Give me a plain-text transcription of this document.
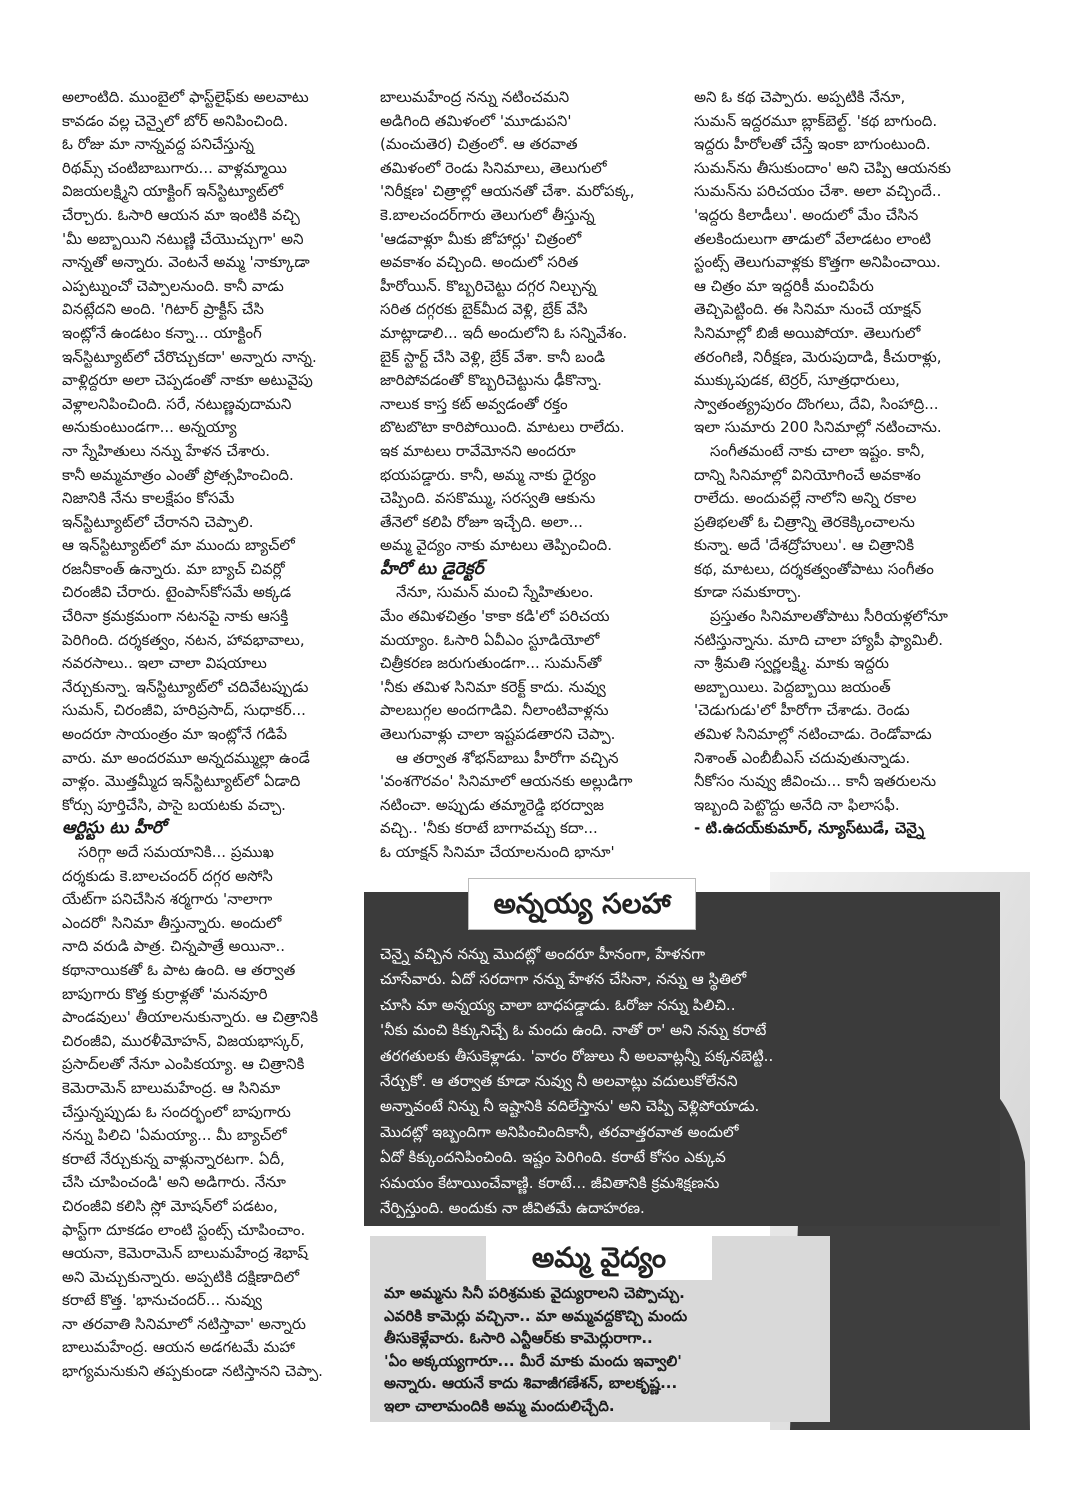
అలాంటిది. ముంబైలో ఫాస్ట్‌లైఫ్‌కు అలవాటు
కావడం వల్ల చెన్నైలో బోర్ అనిపించింది.
ఓ రోజు మా నాన్నవద్ద పనిచేస్తున్న
రిథమ్స్ చంటిబాబుగారు... వాళ్లమ్మాయి
విజయలక్ష్మిని యాక్టింగ్ ఇన్‌స్టిట్యూట్‌లో
చేర్చారు. ఓసారి ఆయన మా ఇంటికి వచ్చి
'మీ అబ్బాయిని నటుణ్ణి చేయొచ్చుగా' అని
నాన్నతో అన్నారు. వెంటనే అమ్మ 'నాక్కూడా
ఎప్పట్నుంచో చెప్పాలనుంది. కానీ వాడు
వినట్లేదని అంది. 'గిటార్ ప్రాక్టీస్ చేసి
ఇంట్లోనే ఉండటం కన్నా... యాక్టింగ్
ఇన్‌స్టిట్యూట్‌లో చేరొచ్చుకదా' అన్నారు నాన్న.
వాళ్లిద్దరూ అలా చెప్పడంతో నాకూ అటువైపు
వెళ్లాలనిపించింది. సరే, నటుణ్ణవుదామని
అనుకుంటుండగా... అన్నయ్యా
నా స్నేహితులు నన్ను హేళన చేశారు.
కానీ అమ్మమాత్రం ఎంతో ప్రోత్సహించింది.
నిజానికి నేను కాలక్షేపం కోసమే
ఇన్‌స్టిట్యూట్‌లో చేరానని చెప్పాలి.
ఆ ఇన్‌స్టిట్యూట్‌లో మా ముందు బ్యాచ్‌లో
రజనీకాంత్ ఉన్నారు. మా బ్యాచ్ చివర్లో
చిరంజీవి చేరారు. టైంపాస్‌కోసమే అక్కడ
చేరినా క్రమక్రమంగా నటనపై నాకు ఆసక్తి
పెరిగింది. దర్శకత్వం, నటన, హావభావాలు,
నవరసాలు.. ఇలా చాలా విషయాలు
నేర్చుకున్నా. ఇన్‌స్టిట్యూట్‌లో చదివేటప్పుడు
సుమన్, చిరంజీవి, హరిప్రసాద్, సుధాకర్...
అందరూ సాయంత్రం మా ఇంట్లోనే గడిపే
వారు. మా అందరమూ అన్నదమ్ముల్లా ఉండే
వాళ్లం. మొత్తమ్మీద ఇన్‌స్టిట్యూట్‌లో ఏడాది
కోర్సు పూర్తిచేసి, పాసై బయటకు వచ్చా.
ఆర్టిస్టు టు హీరో
సరిగ్గా అదే సమయానికి... ప్రముఖ
దర్శకుడు కె.బాలచందర్ దగ్గర అసోసి
యేట్‌గా పనిచేసిన శర్మగారు 'నాలాగా
ఎందరో' సినిమా తీస్తున్నారు. అందులో
నాది వరుడి పాత్ర. చిన్నపాత్రే అయినా..
కథానాయికతో ఓ పాట ఉంది. ఆ తర్వాత
బాపుగారు కొత్త కుర్రాళ్లతో 'మనవూరి
పాండవులు' తీయాలనుకున్నారు. ఆ చిత్రానికి
చిరంజీవి, మురళీమోహన్, విజయభాస్కర్,
ప్రసాద్‌లతో నేనూ ఎంపికయ్యా. ఆ చిత్రానికి
కెమెరామెన్ బాలుమహేంద్ర. ఆ సినిమా
చేస్తున్నప్పుడు ఓ సందర్భంలో బాపుగారు
నన్ను పిలిచి 'ఏమయ్యా... మీ బ్యాచ్‌లో
కరాటే నేర్చుకున్న వాళ్లున్నారటగా. ఏదీ,
చేసి చూపించండి' అని అడిగారు. నేనూ
చిరంజీవి కలిసి స్లో మోషన్‌లో పడటం,
ఫాస్ట్‌గా దూకడం లాంటి స్టంట్స్ చూపించాం.
ఆయనా, కెమెరామెన్ బాలుమహేంద్ర శెభాష్
అని మెచ్చుకున్నారు. అప్పటికి దక్షిణాదిలో
కరాటే కొత్త. 'భానుచందర్... నువ్వు
నా తరవాతి సినిమాలో నటిస్తావా' అన్నారు
బాలుమహేంద్ర. ఆయన అడగటమే మహా
భాగ్యమనుకుని తప్పకుండా నటిస్తానని చెప్పా.
బాలుమహేంద్ర నన్ను నటించమని
అడిగింది తమిళంలో 'మూడుపని'
(మంచుతెర) చిత్రంలో. ఆ తరవాత
తమిళంలో రెండు సినిమాలు, తెలుగులో
'నిరీక్షణ' చిత్రాల్లో ఆయనతో చేశా. మరోపక్క,
కె.బాలచందర్‌గారు తెలుగులో తీస్తున్న
'ఆడవాళ్లూ మీకు జోహార్లు' చిత్రంలో
అవకాశం వచ్చింది. అందులో సరిత
హీరోయిన్. కొబ్బరిచెట్టు దగ్గర నిల్చున్న
సరిత దగ్గరకు బైక్‌మీద వెళ్లి, బ్రేక్ వేసి
మాట్లాడాలి... ఇదీ అందులోని ఓ సన్నివేశం.
బైక్ స్టార్ట్ చేసి వెళ్లి, బ్రేక్ వేశా. కానీ బండి
జారిపోవడంతో కొబ్బరిచెట్టును ఢీకొన్నా.
నాలుక కాస్త కట్ అవ్వడంతో రక్తం
బొటబొటా కారిపోయింది. మాటలు రాలేదు.
ఇక మాటలు రావేమోనని అందరూ
భయపడ్డారు. కానీ, అమ్మ నాకు ధైర్యం
చెప్పింది. వసకొమ్ము, సరస్వతి ఆకును
తేనెలో కలిపి రోజూ ఇచ్చేది. అలా...
అమ్మ వైద్యం నాకు మాటలు తెప్పించింది.
హీరో టు డైరెక్టర్
నేనూ, సుమన్ మంచి స్నేహితులం.
మేం తమిళచిత్రం 'కాకా కడి'లో పరిచయ
మయ్యాం. ఓసారి ఏవీఎం స్టూడియోలో
చిత్రీకరణ జరుగుతుండగా... సుమన్‌తో
'నీకు తమిళ సినిమా కరెక్ట్ కాదు. నువ్వు
పాలబుగ్గల అందగాడివి. నీలాంటివాళ్లను
తెలుగువాళ్లు చాలా ఇష్టపడతారని చెప్పా.
ఆ తర్వాత శోభన్‌బాబు హీరోగా వచ్చిన
'వంశగౌరవం' సినిమాలో ఆయనకు అల్లుడిగా
నటించా. అప్పుడు తమ్మారెడ్డి భరద్వాజ
వచ్చి.. 'నీకు కరాటే బాగావచ్చు కదా...
ఓ యాక్షన్ సినిమా చేయాలనుంది భానూ'
అని ఓ కథ చెప్పారు. అప్పటికి నేనూ,
సుమన్ ఇద్దరమూ బ్లాక్‌బెల్ట్. 'కథ బాగుంది.
ఇద్దరు హీరోలతో చేస్తే ఇంకా బాగుంటుంది.
సుమన్‌ను తీసుకుందాం' అని చెప్పి ఆయనకు
సుమన్‌ను పరిచయం చేశా. అలా వచ్చిందే..
'ఇద్దరు కిలాడీలు'. అందులో మేం చేసిన
తలకిందులుగా తాడులో వేలాడటం లాంటి
స్టంట్స్ తెలుగువాళ్లకు కొత్తగా అనిపించాయి.
ఆ చిత్రం మా ఇద్దరికీ మంచిపేరు
తెచ్చిపెట్టింది. ఈ సినిమా నుంచే యాక్షన్
సినిమాల్లో బిజీ అయిపోయా. తెలుగులో
తరంగిణి, నిరీక్షణ, మెరుపుదాడి, కీచురాళ్లు,
ముక్కుపుడక, టెర్రర్, సూత్రధారులు,
స్వాతంత్య్రపురం దొంగలు, దేవి, సింహాద్రి...
ఇలా సుమారు 200 సినిమాల్లో నటించాను.
సంగీతమంటే నాకు చాలా ఇష్టం. కానీ,
దాన్ని సినిమాల్లో వినియోగించే అవకాశం
రాలేదు. అందువల్లే నాలోని అన్ని రకాల
ప్రతిభలతో ఓ చిత్రాన్ని తెరకెక్కించాలను
కున్నా. అదే 'దేశద్రోహులు'. ఆ చిత్రానికి
కథ, మాటలు, దర్శకత్వంతోపాటు సంగీతం
కూడా సమకూర్చా.
ప్రస్తుతం సినిమాలతోపాటు సీరియళ్లలోనూ
నటిస్తున్నాను. మాది చాలా హ్యాపీ ఫ్యామిలీ.
నా శ్రీమతి స్వర్ణలక్ష్మి. మాకు ఇద్దరు
అబ్బాయిలు. పెద్దబ్బాయి జయంత్
'చెడుగుడు'లో హీరోగా చేశాడు. రెండు
తమిళ సినిమాల్లో నటించాడు. రెండోవాడు
నిశాంత్ ఎంబీబీఎస్ చదువుతున్నాడు.
నీకోసం నువ్వు జీవించు... కానీ ఇతరులను
ఇబ్బంది పెట్టొద్దు అనేది నా ఫిలాసఫీ.
- టి.ఉదయ్‌కుమార్, న్యూస్‌టుడే, చెన్నై
అన్నయ్య సలహా
చెన్నై వచ్చిన నన్ను మొదట్లో అందరూ హీనంగా, హేళనగా
చూసేవారు. ఏదో సరదాగా నన్ను హేళన చేసినా, నన్ను ఆ స్థితిలో
చూసి మా అన్నయ్య చాలా బాధపడ్డాడు. ఓరోజు నన్ను పిలిచి..
'నీకు మంచి కిక్కునిచ్చే ఓ మందు ఉంది. నాతో రా' అని నన్ను కరాటే
తరగతులకు తీసుకెళ్లాడు. 'వారం రోజులు నీ అలవాట్లన్నీ పక్కనబెట్టి..
నేర్చుకో. ఆ తర్వాత కూడా నువ్వు నీ అలవాట్లు వదులుకోలేనని
అన్నావంటే నిన్ను నీ ఇష్టానికి వదిలేస్తాను' అని చెప్పి వెళ్లిపోయాడు.
మొదట్లో ఇబ్బందిగా అనిపించిందికానీ, తరవాత్తరవాత అందులో
ఏదో కిక్కుందనిపించింది. ఇష్టం పెరిగింది. కరాటే కోసం ఎక్కువ
సమయం కేటాయించేవాణ్ణి. కరాటే... జీవితానికి క్రమశిక్షణను
నేర్పిస్తుంది. అందుకు నా జీవితమే ఉదాహరణ.
అమ్మ వైద్యం
మా అమ్మను సినీ పరిశ్రమకు వైద్యురాలని చెప్పొచ్చు.
ఎవరికి కామెర్లు వచ్చినా.. మా అమ్మవద్దకొచ్చి మందు
తీసుకెళ్లేవారు. ఓసారి ఎన్టీఆర్‌కు కామెర్లురాగా..
'ఏం అక్కయ్యగారూ... మీరే మాకు మందు ఇవ్వాలి'
అన్నారు. ఆయనే కాదు శివాజీగణేశన్, బాలకృష్ణ...
ఇలా చాలామందికి అమ్మ మందులిచ్చేది.
